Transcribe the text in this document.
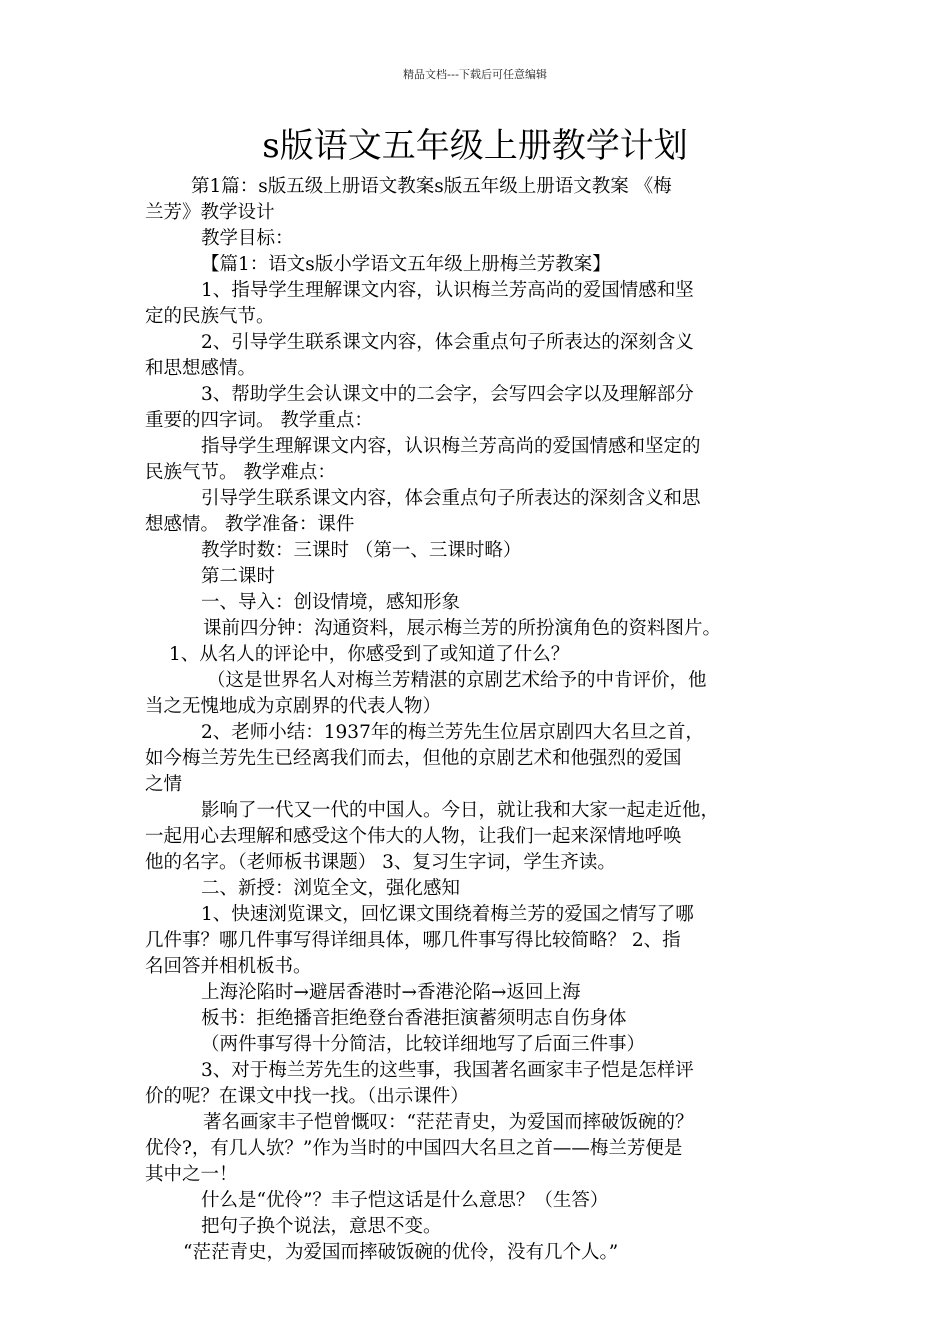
精品文档---下载后可任意编辑
s版语文五年级上册教学计划
第1篇：s版五级上册语文教案s版五年级上册语文教案 《梅
兰芳》教学设计
教学目标：
【篇1：语文s版小学语文五年级上册梅兰芳教案】
1、指导学生理解课文内容，认识梅兰芳高尚的爱国情感和坚
定的民族气节。
2、引导学生联系课文内容，体会重点句子所表达的深刻含义
和思想感情。
3、帮助学生会认课文中的二会字，会写四会字以及理解部分
重要的四字词。 教学重点：
指导学生理解课文内容，认识梅兰芳高尚的爱国情感和坚定的
民族气节。 教学难点：
引导学生联系课文内容，体会重点句子所表达的深刻含义和思
想感情。 教学准备：课件
教学时数：三课时 （第一、三课时略）
第二课时
一、导入：创设情境，感知形象
课前四分钟：沟通资料，展示梅兰芳的所扮演角色的资料图片。
1、从名人的评论中，你感受到了或知道了什么？
（这是世界名人对梅兰芳精湛的京剧艺术给予的中肯评价，他
当之无愧地成为京剧界的代表人物）
2、老师小结：1937年的梅兰芳先生位居京剧四大名旦之首，
如今梅兰芳先生已经离我们而去，但他的京剧艺术和他强烈的爱国
之情
影响了一代又一代的中国人。今日，就让我和大家一起走近他，
一起用心去理解和感受这个伟大的人物，让我们一起来深情地呼唤
他的名字。（老师板书课题） 3、复习生字词，学生齐读。
二、新授：浏览全文，强化感知
1、快速浏览课文，回忆课文围绕着梅兰芳的爱国之情写了哪
几件事？哪几件事写得详细具体，哪几件事写得比较简略？ 2、指
名回答并相机板书。
上海沦陷时→避居香港时→香港沦陷→返回上海
板书：拒绝播音拒绝登台香港拒演蓄须明志自伤身体
（两件事写得十分简洁，比较详细地写了后面三件事）
3、对于梅兰芳先生的这些事，我国著名画家丰子恺是怎样评
价的呢？在课文中找一找。（出示课件）
著名画家丰子恺曾慨叹：“茫茫青史，为爱国而摔破饭碗的？
优伶?，有几人欤？”作为当时的中国四大名旦之首——梅兰芳便是
其中之一！
什么是“优伶”？丰子恺这话是什么意思？（生答）
把句子换个说法，意思不变。
“茫茫青史，为爱国而摔破饭碗的优伶，没有几个人。”
